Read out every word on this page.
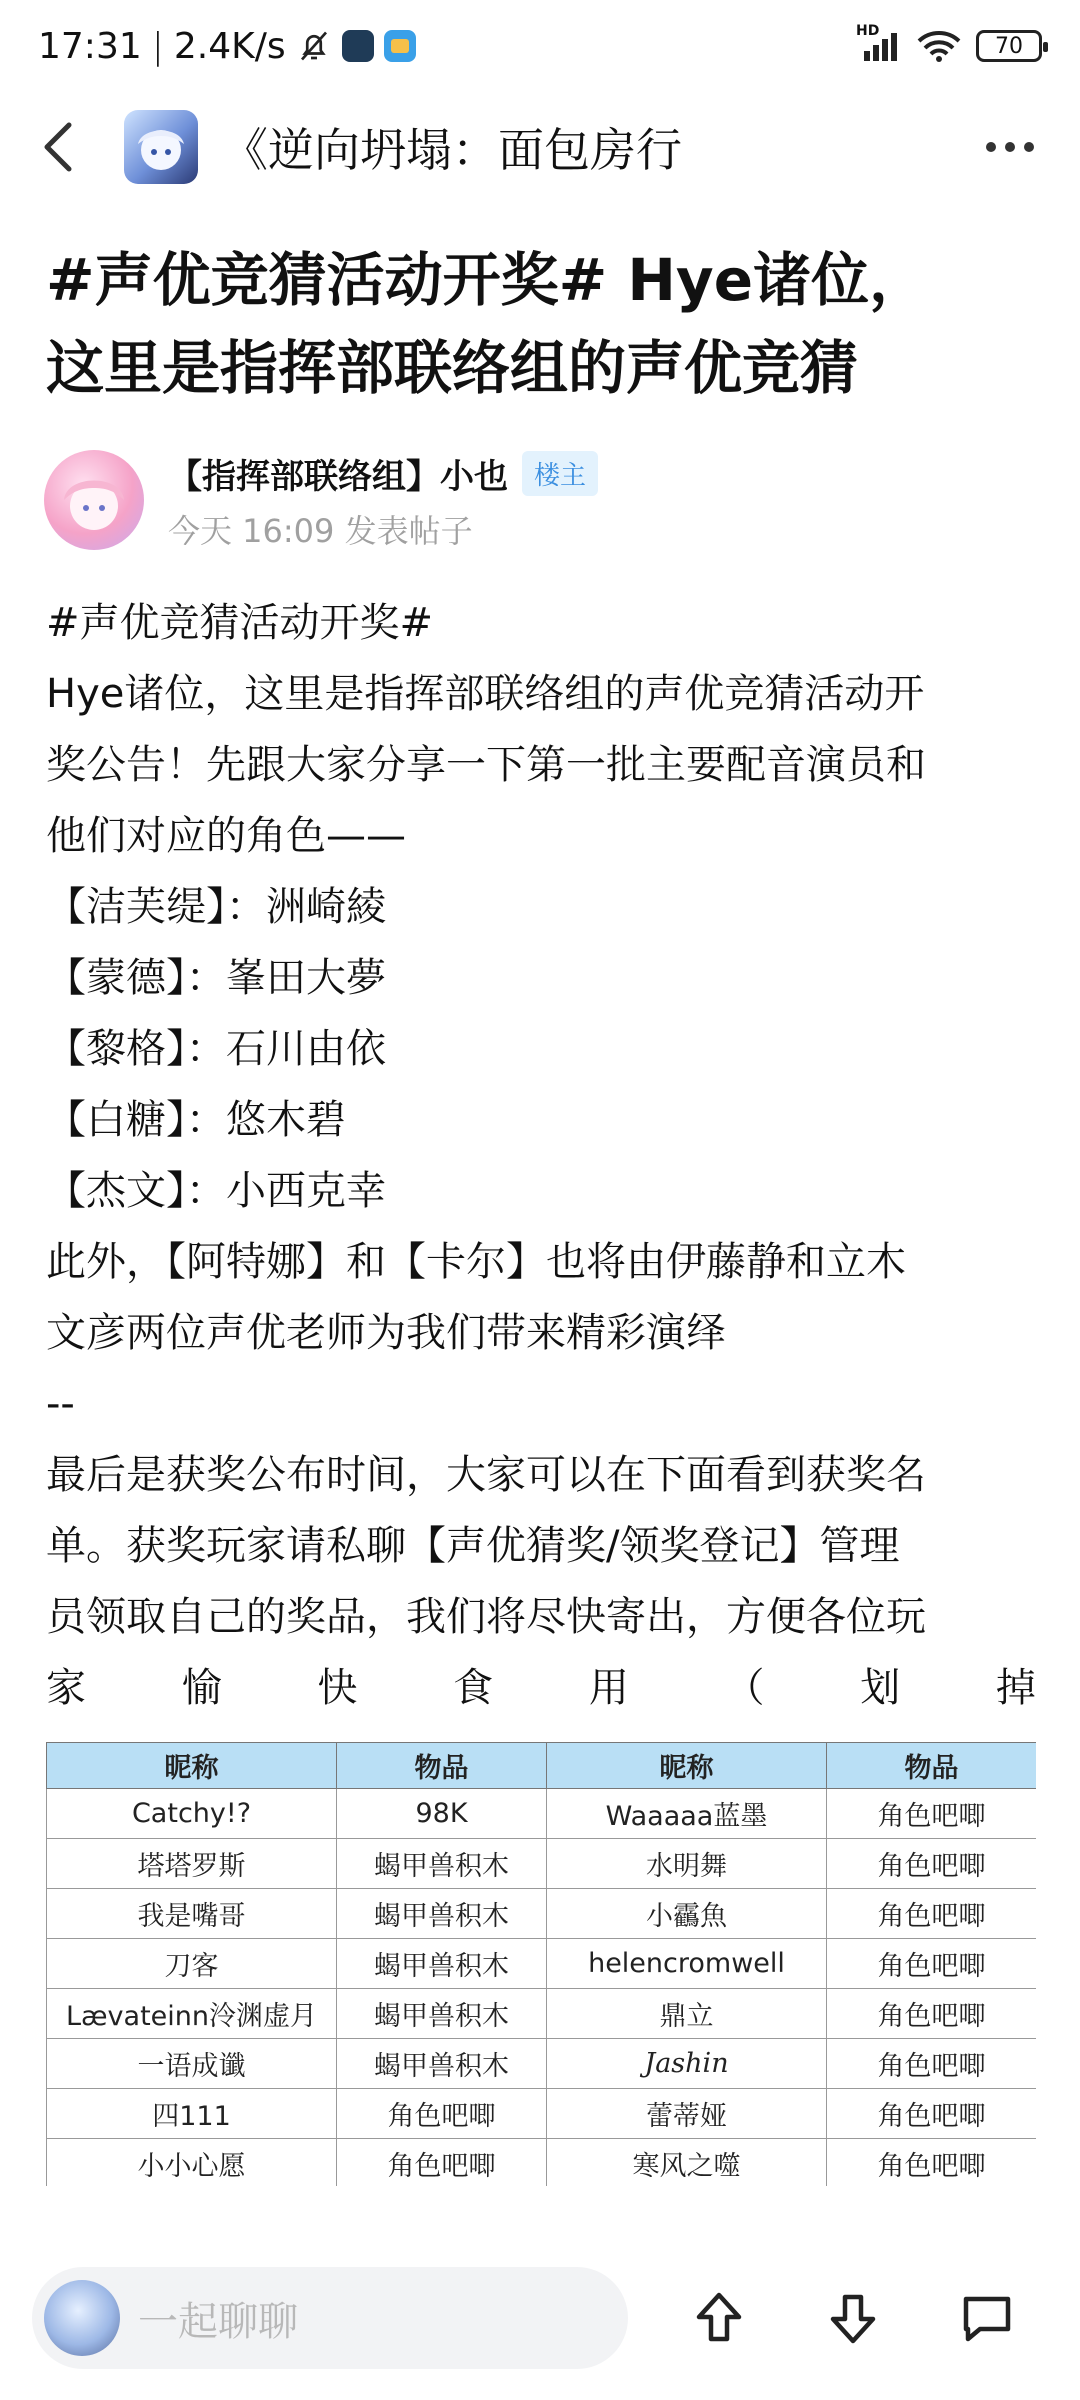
17:31 | 2.4K/s	HD
70
《逆向坍塌：面包房行
#声优竞猜活动开奖# Hye诸位，
这里是指挥部联络组的声优竞猜
【指挥部联络组】小也	楼主
今天 16:09 发表帖子

#声优竞猜活动开奖#

Hye诸位，这里是指挥部联络组的声优竞猜活动开

奖公告！先跟大家分享一下第一批主要配音演员和

他们对应的角色——

【洁芙缇】：洲崎綾

【蒙德】：峯田大夢

【黎格】：石川由依

【白糖】：悠木碧

【杰文】：小西克幸

此外，【阿特娜】和【卡尔】也将由伊藤静和立木

文彦两位声优老师为我们带来精彩演绎

--

最后是获奖公布时间，大家可以在下面看到获奖名

单。获奖玩家请私聊【声优猜奖/领奖登记】管理

员领取自己的奖品，我们将尽快寄出，方便各位玩

家 愉 快 食 用 （ 划 掉

昵称	物品	昵称	物品
Catchy!?	98K	Waaaaa蓝墨	角色吧唧
塔塔罗斯	蝎甲兽积木	水明舞	角色吧唧
我是嘴哥	蝎甲兽积木	小靏魚	角色吧唧
刀客	蝎甲兽积木	helencromwell	角色吧唧
Lævateinn泠渊虚月	蝎甲兽积木	鼎立	角色吧唧
一语成谶	蝎甲兽积木	Jashin	角色吧唧
四111	角色吧唧	蕾蒂娅	角色吧唧
小小心愿	角色吧唧	寒风之噬	角色吧唧
一起聊聊
